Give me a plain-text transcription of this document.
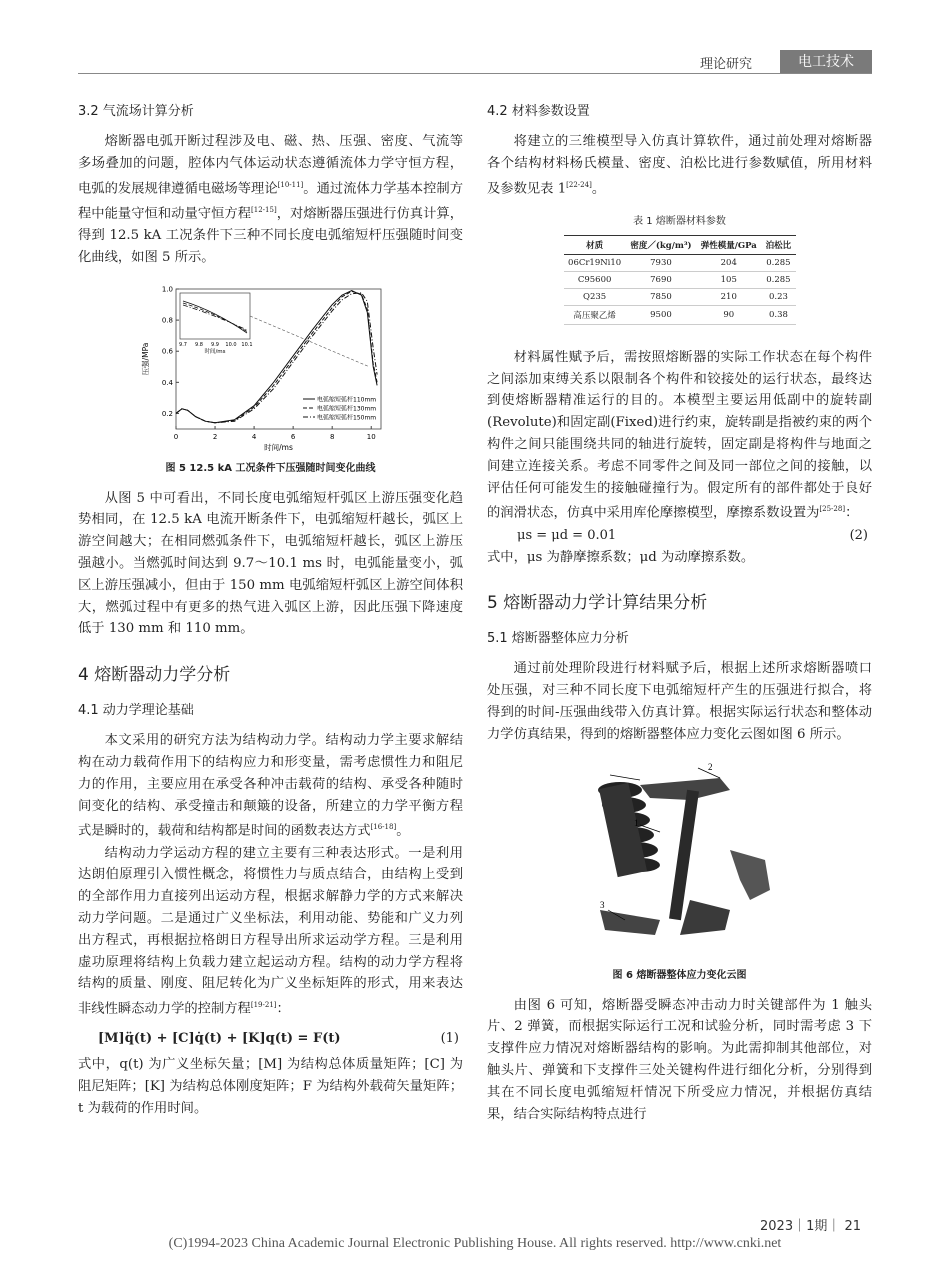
理论研究	电工技术
3.2 气流场计算分析

熔断器电弧开断过程涉及电、磁、热、压强、密度、气流等多场叠加的问题，腔体内气体运动状态遵循流体力学守恒方程，电弧的发展规律遵循电磁场等理论[10-11]。通过流体力学基本控制方程中能量守恒和动量守恒方程[12-15]，对熔断器压强进行仿真计算，得到 12.5 kA 工况条件下三种不同长度电弧缩短杆压强随时间变化曲线，如图 5 所示。

0	2	4	6	8	10
0.2
0.4
0.6
0.8
1.0
时间/ms
压强/MPa
电弧缩短弧杆110mm
电弧缩短弧杆130mm
电弧缩短弧杆150mm
9.7 9.8 9.9 10.0 10.1
时间/ms
图 5 12.5 kA 工况条件下压强随时间变化曲线

从图 5 中可看出，不同长度电弧缩短杆弧区上游压强变化趋势相同，在 12.5 kA 电流开断条件下，电弧缩短杆越长，弧区上游空间越大；在相同燃弧条件下，电弧缩短杆越长，弧区上游压强越小。当燃弧时间达到 9.7～10.1 ms 时，电弧能量变小，弧区上游压强减小，但由于 150 mm 电弧缩短杆弧区上游空间体积大，燃弧过程中有更多的热气进入弧区上游，因此压强下降速度低于 130 mm 和 110 mm。

4 熔断器动力学分析
4.1 动力学理论基础

本文采用的研究方法为结构动力学。结构动力学主要求解结构在动力载荷作用下的结构应力和形变量，需考虑惯性力和阻尼力的作用，主要应用在承受各种冲击载荷的结构、承受各种随时间变化的结构、承受撞击和颠簸的设备，所建立的力学平衡方程式是瞬时的，载荷和结构都是时间的函数表达方式[16-18]。

结构动力学运动方程的建立主要有三种表达形式。一是利用达朗伯原理引入惯性概念，将惯性力与质点结合，由结构上受到的全部作用力直接列出运动方程，根据求解静力学的方式来解决动力学问题。二是通过广义坐标法，利用动能、势能和广义力列出方程式，再根据拉格朗日方程导出所求运动学方程。三是利用虚功原理将结构上负载力建立起运动方程。结构的动力学方程将结构的质量、刚度、阻尼转化为广义坐标矩阵的形式，用来表达非线性瞬态动力学的控制方程[19-21]：

[M]q̈(t) + [C]q̇(t) + [K]q(t) = F(t)	(1)

式中，q(t) 为广义坐标矢量；[M] 为结构总体质量矩阵；[C] 为阻尼矩阵；[K] 为结构总体刚度矩阵；F 为结构外载荷矢量矩阵；t 为载荷的作用时间。

4.2 材料参数设置

将建立的三维模型导入仿真计算软件，通过前处理对熔断器各个结构材料杨氏模量、密度、泊松比进行参数赋值，所用材料及参数见表 1[22-24]。

表 1 熔断器材料参数
材质	密度／(kg/m³)	弹性模量/GPa	泊松比
06Cr19Ni10	7930	204	0.285
C95600	7690	105	0.285
Q235	7850	210	0.23
高压聚乙烯	9500	90	0.38

材料属性赋予后，需按照熔断器的实际工作状态在每个构件之间添加束缚关系以限制各个构件和铰接处的运行状态，最终达到使熔断器精准运行的目的。本模型主要运用低副中的旋转副(Revolute)和固定副(Fixed)进行约束，旋转副是指被约束的两个构件之间只能围绕共同的轴进行旋转，固定副是将构件与地面之间建立连接关系。考虑不同零件之间及同一部位之间的接触，以评估任何可能发生的接触碰撞行为。假定所有的部件都处于良好的润滑状态，仿真中采用库伦摩擦模型，摩擦系数设置为[25-28]：

μs = μd = 0.01	(2)

式中，μs 为静摩擦系数；μd 为动摩擦系数。

5 熔断器动力学计算结果分析
5.1 熔断器整体应力分析

通过前处理阶段进行材料赋予后，根据上述所求熔断器喷口处压强，对三种不同长度下电弧缩短杆产生的压强进行拟合，将得到的时间-压强曲线带入仿真计算。根据实际运行状态和整体动力学仿真结果，得到的熔断器整体应力变化云图如图 6 所示。

2
1
3
图 6 熔断器整体应力变化云图

由图 6 可知，熔断器受瞬态冲击动力时关键部件为 1 触头片、2 弹簧，而根据实际运行工况和试验分析，同时需考虑 3 下支撑件应力情况对熔断器结构的影响。为此需抑制其他部位，对触头片、弹簧和下支撑件三处关键构件进行细化分析，分别得到其在不同长度电弧缩短杆情况下所受应力情况，并根据仿真结果，结合实际结构特点进行

2023｜1期｜ 21
(C)1994-2023 China Academic Journal Electronic Publishing House. All rights reserved. http://www.cnki.net
